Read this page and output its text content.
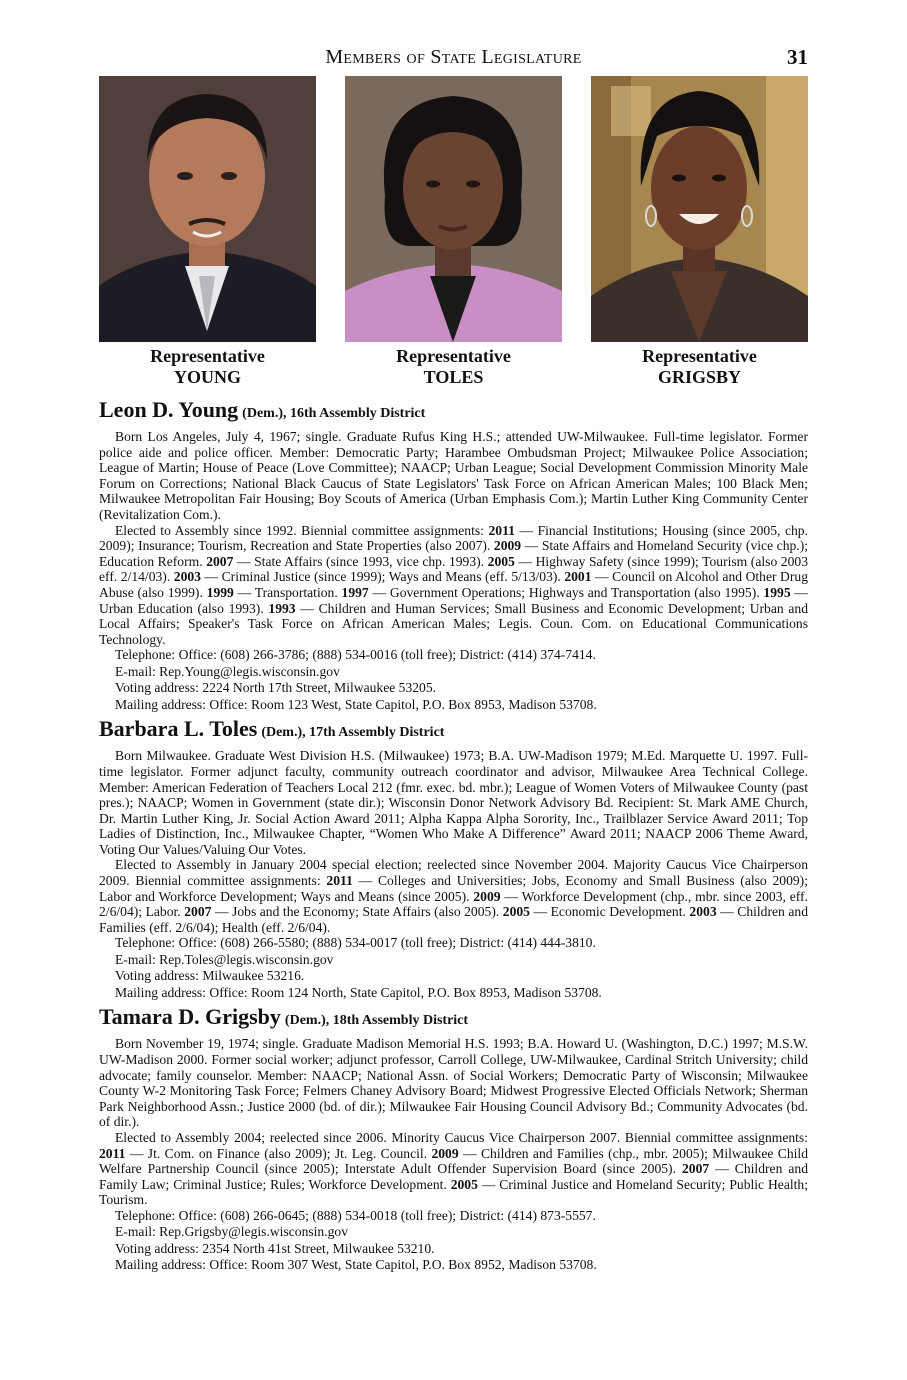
Members of State Legislature	31
Representative
YOUNG
Representative
TOLES
Representative
GRIGSBY
Leon D. Young (Dem.), 16th Assembly District

Born Los Angeles, July 4, 1967; single. Graduate Rufus King H.S.; attended UW-Milwaukee. Full-time legislator. Former police aide and police officer. Member: Democratic Party; Harambee Ombudsman Project; Milwaukee Police Association; League of Martin; House of Peace (Love Committee); NAACP; Urban League; Social Development Commission Minority Male Forum on Corrections; National Black Caucus of State Legislators' Task Force on African American Males; 100 Black Men; Milwaukee Metropolitan Fair Housing; Boy Scouts of America (Urban Emphasis Com.); Martin Luther King Community Center (Revitalization Com.).

Elected to Assembly since 1992. Biennial committee assignments: 2011 — Financial Institutions; Housing (since 2005, chp. 2009); Insurance; Tourism, Recreation and State Properties (also 2007). 2009 — State Affairs and Homeland Security (vice chp.); Education Reform. 2007 — State Affairs (since 1993, vice chp. 1993). 2005 — Highway Safety (since 1999); Tourism (also 2003 eff. 2/14/03). 2003 — Criminal Justice (since 1999); Ways and Means (eff. 5/13/03). 2001 — Council on Alcohol and Other Drug Abuse (also 1999). 1999 — Transportation. 1997 — Government Operations; Highways and Transportation (also 1995). 1995 — Urban Education (also 1993). 1993 — Children and Human Services; Small Business and Economic Development; Urban and Local Affairs; Speaker's Task Force on African American Males; Legis. Coun. Com. on Educational Communications Technology.

Telephone: Office: (608) 266-3786; (888) 534-0016 (toll free); District: (414) 374-7414.

E-mail: Rep.Young@legis.wisconsin.gov

Voting address: 2224 North 17th Street, Milwaukee 53205.

Mailing address: Office: Room 123 West, State Capitol, P.O. Box 8953, Madison 53708.

Barbara L. Toles (Dem.), 17th Assembly District

Born Milwaukee. Graduate West Division H.S. (Milwaukee) 1973; B.A. UW-Madison 1979; M.Ed. Marquette U. 1997. Full-time legislator. Former adjunct faculty, community outreach coordinator and advisor, Milwaukee Area Technical College. Member: American Federation of Teachers Local 212 (fmr. exec. bd. mbr.); League of Women Voters of Milwaukee County (past pres.); NAACP; Women in Government (state dir.); Wisconsin Donor Network Advisory Bd. Recipient: St. Mark AME Church, Dr. Martin Luther King, Jr. Social Action Award 2011; Alpha Kappa Alpha Sorority, Inc., Trailblazer Service Award 2011; Top Ladies of Distinction, Inc., Milwaukee Chapter, “Women Who Make A Difference” Award 2011; NAACP 2006 Theme Award, Voting Our Values/Valuing Our Votes.

Elected to Assembly in January 2004 special election; reelected since November 2004. Majority Caucus Vice Chairperson 2009. Biennial committee assignments: 2011 — Colleges and Universities; Jobs, Economy and Small Business (also 2009); Labor and Workforce Development; Ways and Means (since 2005). 2009 — Workforce Development (chp., mbr. since 2003, eff. 2/6/04); Labor. 2007 — Jobs and the Economy; State Affairs (also 2005). 2005 — Economic Development. 2003 — Children and Families (eff. 2/6/04); Health (eff. 2/6/04).

Telephone: Office: (608) 266-5580; (888) 534-0017 (toll free); District: (414) 444-3810.

E-mail: Rep.Toles@legis.wisconsin.gov

Voting address: Milwaukee 53216.

Mailing address: Office: Room 124 North, State Capitol, P.O. Box 8953, Madison 53708.

Tamara D. Grigsby (Dem.), 18th Assembly District

Born November 19, 1974; single. Graduate Madison Memorial H.S. 1993; B.A. Howard U. (Washington, D.C.) 1997; M.S.W. UW-Madison 2000. Former social worker; adjunct professor, Carroll College, UW-Milwaukee, Cardinal Stritch University; child advocate; family counselor. Member: NAACP; National Assn. of Social Workers; Democratic Party of Wisconsin; Milwaukee County W-2 Monitoring Task Force; Felmers Chaney Advisory Board; Midwest Progressive Elected Officials Network; Sherman Park Neighborhood Assn.; Justice 2000 (bd. of dir.); Milwaukee Fair Housing Council Advisory Bd.; Community Advocates (bd. of dir.).

Elected to Assembly 2004; reelected since 2006. Minority Caucus Vice Chairperson 2007. Biennial committee assignments: 2011 — Jt. Com. on Finance (also 2009); Jt. Leg. Council. 2009 — Children and Families (chp., mbr. 2005); Milwaukee Child Welfare Partnership Council (since 2005); Interstate Adult Offender Supervision Board (since 2005). 2007 — Children and Family Law; Criminal Justice; Rules; Workforce Development. 2005 — Criminal Justice and Homeland Security; Public Health; Tourism.

Telephone: Office: (608) 266-0645; (888) 534-0018 (toll free); District: (414) 873-5557.

E-mail: Rep.Grigsby@legis.wisconsin.gov

Voting address: 2354 North 41st Street, Milwaukee 53210.

Mailing address: Office: Room 307 West, State Capitol, P.O. Box 8952, Madison 53708.
